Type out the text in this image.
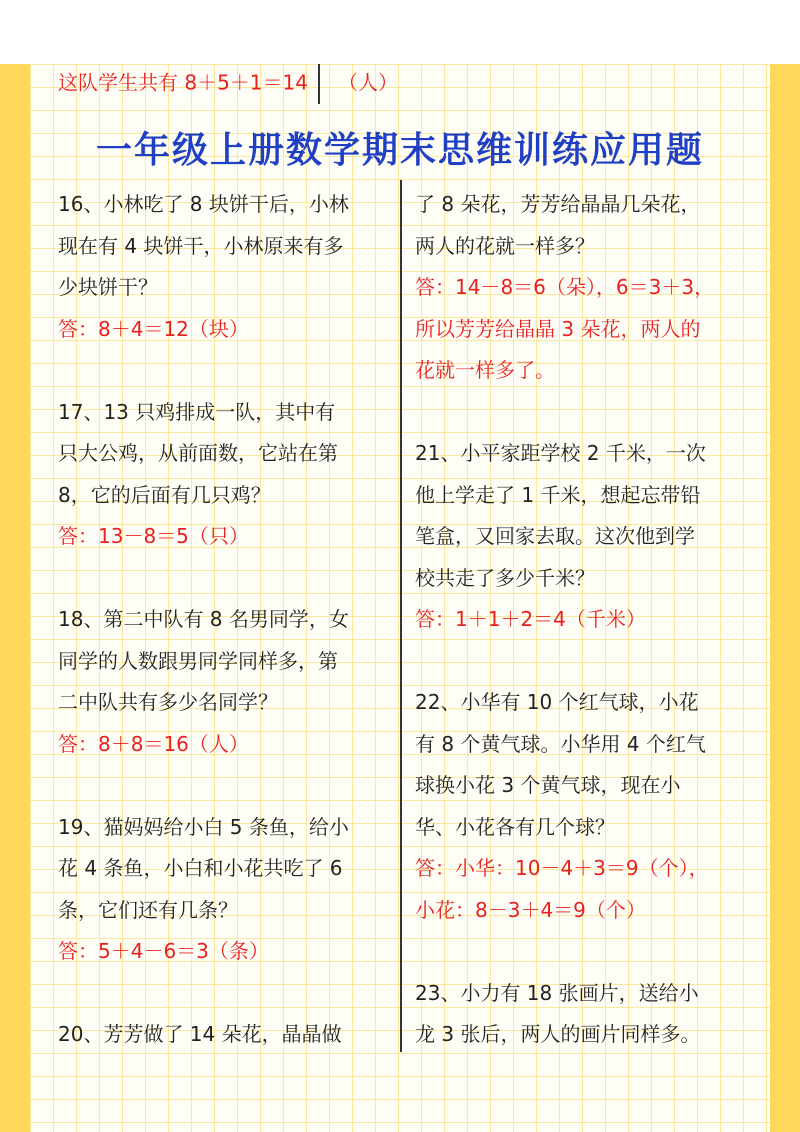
这队学生共有 8＋5＋1＝14 （人）
一年级上册数学期末思维训练应用题
16、小林吃了 8 块饼干后，小林
现在有 4 块饼干，小林原来有多
少块饼干？
答：8＋4＝12（块）
17、13 只鸡排成一队，其中有
只大公鸡，从前面数，它站在第
8，它的后面有几只鸡？
答：13－8＝5（只）
18、第二中队有 8 名男同学，女
同学的人数跟男同学同样多，第
二中队共有多少名同学？
答：8＋8＝16（人）
19、猫妈妈给小白 5 条鱼，给小
花 4 条鱼，小白和小花共吃了 6
条，它们还有几条？
答：5＋4－6＝3（条）
20、芳芳做了 14 朵花，晶晶做
了 8 朵花，芳芳给晶晶几朵花，
两人的花就一样多？
答：14－8＝6（朵），6＝3＋3，
所以芳芳给晶晶 3 朵花，两人的
花就一样多了。
21、小平家距学校 2 千米，一次
他上学走了 1 千米，想起忘带铅
笔盒，又回家去取。这次他到学
校共走了多少千米？
答：1＋1＋2＝4（千米）
22、小华有 10 个红气球，小花
有 8 个黄气球。小华用 4 个红气
球换小花 3 个黄气球，现在小
华、小花各有几个球？
答：小华：10－4＋3＝9（个），
小花：8－3＋4＝9（个）
23、小力有 18 张画片，送给小
龙 3 张后，两人的画片同样多。
